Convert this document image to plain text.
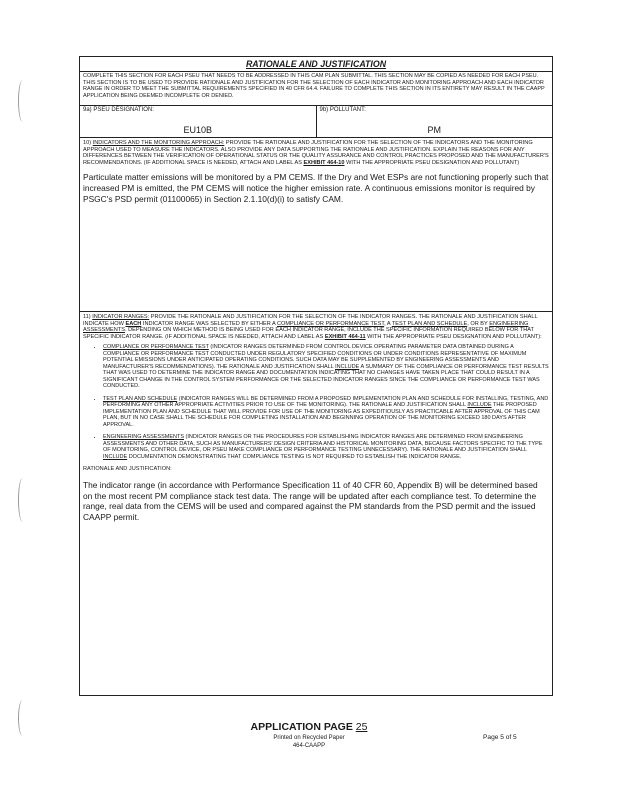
RATIONALE AND JUSTIFICATION
COMPLETE THIS SECTION FOR EACH PSEU THAT NEEDS TO BE ADDRESSED IN THIS CAM PLAN SUBMITTAL. THIS SECTION MAY BE COPIED AS NEEDED FOR EACH PSEU. THIS SECTION IS TO BE USED TO PROVIDE RATIONALE AND JUSTIFICATION FOR THE SELECTION OF EACH INDICATOR AND MONITORING APPROACH AND EACH INDICATOR RANGE IN ORDER TO MEET THE SUBMITTAL REQUIREMENTS SPECIFIED IN 40 CFR 64.4. FAILURE TO COMPLETE THIS SECTION IN ITS ENTIRETY MAY RESULT IN THE CAAPP APPLICATION BEING DEEMED INCOMPLETE OR DENIED.
9a) PSEU DESIGNATION:
EU10B
9b) POLLUTANT:
PM
10) INDICATORS AND THE MONITORING APPROACH: PROVIDE THE RATIONALE AND JUSTIFICATION FOR THE SELECTION OF THE INDICATORS AND THE MONITORING APPROACH USED TO MEASURE THE INDICATORS. ALSO PROVIDE ANY DATA SUPPORTING THE RATIONALE AND JUSTIFICATION. EXPLAIN THE REASONS FOR ANY DIFFERENCES BETWEEN THE VERIFICATION OF OPERATIONAL STATUS OR THE QUALITY ASSURANCE AND CONTROL PRACTICES PROPOSED AND THE MANUFACTURER'S RECOMMENDATIONS. (IF ADDITIONAL SPACE IS NEEDED, ATTACH AND LABEL AS EXHIBIT 464-10 WITH THE APPROPRIATE PSEU DESIGNATION AND POLLUTANT)
Particulate matter emissions will be monitored by a PM CEMS. If the Dry and Wet ESPs are not functioning properly such that increased PM is emitted, the PM CEMS will notice the higher emission rate. A continuous emissions monitor is required by PSGC's PSD permit (01100065) in Section 2.1.10(d)(i) to satisfy CAM.
11) INDICATOR RANGES: PROVIDE THE RATIONALE AND JUSTIFICATION FOR THE SELECTION OF THE INDICATOR RANGES. THE RATIONALE AND JUSTIFICATION SHALL INDICATE HOW EACH INDICATOR RANGE WAS SELECTED BY EITHER A COMPLIANCE OR PERFORMANCE TEST, A TEST PLAN AND SCHEDULE, OR BY ENGINEERING ASSESSMENTS. DEPENDING ON WHICH METHOD IS BEING USED FOR EACH INDICATOR RANGE, INCLUDE THE SPECIFIC INFORMATION REQUIRED BELOW FOR THAT SPECIFIC INDICATOR RANGE. (IF ADDITIONAL SPACE IS NEEDED, ATTACH AND LABEL AS EXHIBIT 464-11 WITH THE APPROPRIATE PSEU DESIGNATION AND POLLUTANT):
• COMPLIANCE OR PERFORMANCE TEST (INDICATOR RANGES DETERMINED FROM CONTROL DEVICE OPERATING PARAMETER DATA OBTAINED DURING A COMPLIANCE OR PERFORMANCE TEST CONDUCTED UNDER REGULATORY SPECIFIED CONDITIONS OR UNDER CONDITIONS REPRESENTATIVE OF MAXIMUM POTENTIAL EMISSIONS UNDER ANTICIPATED OPERATING CONDITIONS. SUCH DATA MAY BE SUPPLEMENTED BY ENGINEERING ASSESSMENTS AND MANUFACTURER'S RECOMMENDATIONS). THE RATIONALE AND JUSTIFICATION SHALL INCLUDE A SUMMARY OF THE COMPLIANCE OR PERFORMANCE TEST RESULTS THAT WAS USED TO DETERMINE THE INDICATOR RANGE AND DOCUMENTATION INDICATING THAT NO CHANGES HAVE TAKEN PLACE THAT COULD RESULT IN A SIGNIFICANT CHANGE IN THE CONTROL SYSTEM PERFORMANCE OR THE SELECTED INDICATOR RANGES SINCE THE COMPLIANCE OR PERFORMANCE TEST WAS CONDUCTED.
• TEST PLAN AND SCHEDULE (INDICATOR RANGES WILL BE DETERMINED FROM A PROPOSED IMPLEMENTATION PLAN AND SCHEDULE FOR INSTALLING, TESTING, AND PERFORMING ANY OTHER APPROPRIATE ACTIVITIES PRIOR TO USE OF THE MONITORING). THE RATIONALE AND JUSTIFICATION SHALL INCLUDE THE PROPOSED IMPLEMENTATION PLAN AND SCHEDULE THAT WILL PROVIDE FOR USE OF THE MONITORING AS EXPEDITIOUSLY AS PRACTICABLE AFTER APPROVAL OF THIS CAM PLAN, BUT IN NO CASE SHALL THE SCHEDULE FOR COMPLETING INSTALLATION AND BEGINNING OPERATION OF THE MONITORING EXCEED 180 DAYS AFTER APPROVAL.
• ENGINEERING ASSESSMENTS (INDICATOR RANGES OR THE PROCEDURES FOR ESTABLISHING INDICATOR RANGES ARE DETERMINED FROM ENGINEERING ASSESSMENTS AND OTHER DATA, SUCH AS MANUFACTURERS' DESIGN CRITERIA AND HISTORICAL MONITORING DATA, BECAUSE FACTORS SPECIFIC TO THE TYPE OF MONITORING, CONTROL DEVICE, OR PSEU MAKE COMPLIANCE OR PERFORMANCE TESTING UNNECESSARY). THE RATIONALE AND JUSTIFICATION SHALL INCLUDE DOCUMENTATION DEMONSTRATING THAT COMPLIANCE TESTING IS NOT REQUIRED TO ESTABLISH THE INDICATOR RANGE.
RATIONALE AND JUSTIFICATION:
The indicator range (in accordance with Performance Specification 11 of 40 CFR 60, Appendix B) will be determined based on the most recent PM compliance stack test data. The range will be updated after each compliance test. To determine the range, real data from the CEMS will be used and compared against the PM standards from the PSD permit and the issued CAAPP permit.
APPLICATION PAGE 25
Printed on Recycled Paper
464-CAAPP
Page 5 of 5
